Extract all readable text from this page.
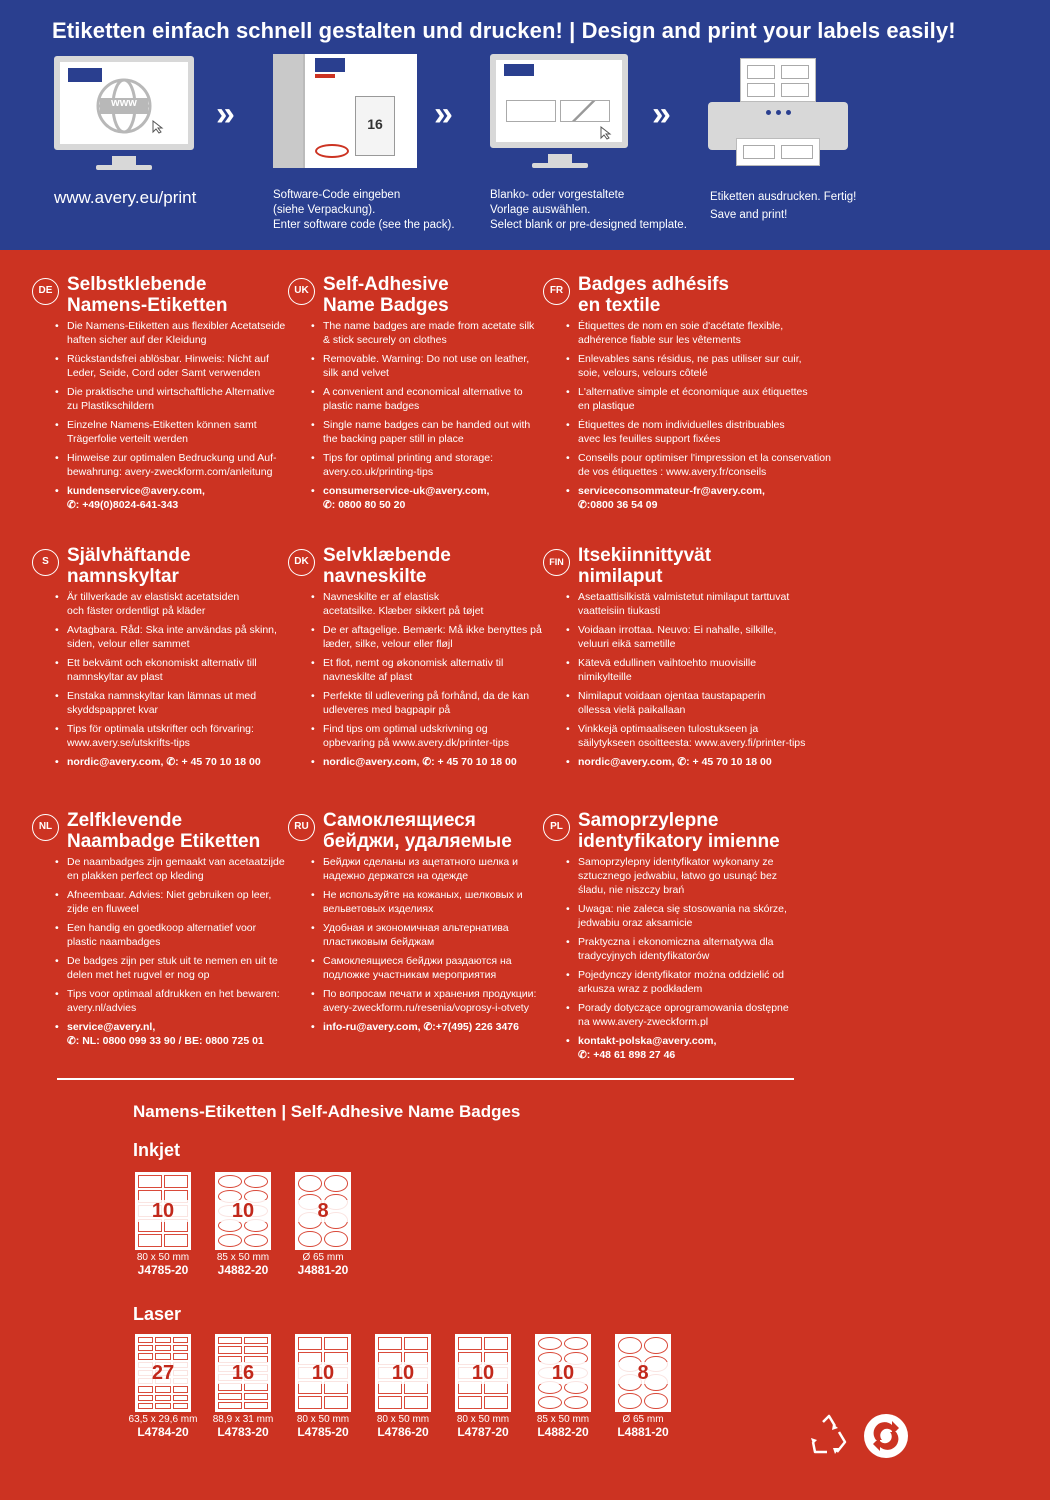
Etiketten einfach schnell gestalten und drucken! | Design and print your labels easily!
www
www.avery.eu/print
»	16
Software-Code eingeben
(siehe Verpackung).
Enter software code (see the pack).
»
Blanko- oder vorgestaltete
Vorlage auswählen.
Select blank or pre-designed template.
»
Etiketten ausdrucken. Fertig!
Save and print!
DE Selbstklebende
Namens-Etiketten
• Die Namens-Etiketten aus flexibler Acetatseide
haften sicher auf der Kleidung
• Rückstandsfrei ablösbar. Hinweis: Nicht auf
Leder, Seide, Cord oder Samt verwenden
• Die praktische und wirtschaftliche Alternative
zu Plastikschildern
• Einzelne Namens-Etiketten können samt
Trägerfolie verteilt werden
• Hinweise zur optimalen Bedruckung und Auf-
bewahrung: avery-zweckform.com/anleitung
• kundenservice@avery.com,
✆: +49(0)8024-641-343
UK Self-Adhesive
Name Badges
• The name badges are made from acetate silk
& stick securely on clothes
• Removable. Warning: Do not use on leather,
silk and velvet
• A convenient and economical alternative to
plastic name badges
• Single name badges can be handed out with
the backing paper still in place
• Tips for optimal printing and storage:
avery.co.uk/printing-tips
• consumerservice-uk@avery.com,
✆: 0800 80 50 20
FR Badges adhésifs
en textile
• Étiquettes de nom en soie d'acétate flexible,
adhérence fiable sur les vêtements
• Enlevables sans résidus, ne pas utiliser sur cuir,
soie, velours, velours côtelé
• L'alternative simple et économique aux étiquettes
en plastique
• Étiquettes de nom individuelles distribuables
avec les feuilles support fixées
• Conseils pour optimiser l'impression et la conservation
de vos étiquettes : www.avery.fr/conseils
• serviceconsommateur-fr@avery.com,
✆:0800 36 54 09
S Självhäftande
namnskyltar
• Är tillverkade av elastiskt acetatsiden
och fäster ordentligt på kläder
• Avtagbara. Råd: Ska inte användas på skinn,
siden, velour eller sammet
• Ett bekvämt och ekonomiskt alternativ till
namnskyltar av plast
• Enstaka namnskyltar kan lämnas ut med
skyddspappret kvar
• Tips för optimala utskrifter och förvaring:
www.avery.se/utskrifts-tips
• nordic@avery.com, ✆: + 45 70 10 18 00
DK Selvklæbende
navneskilte
• Navneskilte er af elastisk
acetatsilke. Klæber sikkert på tøjet
• De er aftagelige. Bemærk: Må ikke benyttes på
læder, silke, velour eller fløjl
• Et flot, nemt og økonomisk alternativ til
navneskilte af plast
• Perfekte til udlevering på forhånd, da de kan
udleveres med bagpapir på
• Find tips om optimal udskrivning og
opbevaring på www.avery.dk/printer-tips
• nordic@avery.com, ✆: + 45 70 10 18 00
FIN Itsekiinnittyvät
nimilaput
• Asetaattisilkistä valmistetut nimilaput tarttuvat
vaatteisiin tiukasti
• Voidaan irrottaa. Neuvo: Ei nahalle, silkille,
veluuri eikä sametille
• Kätevä edullinen vaihtoehto muovisille
nimikylteille
• Nimilaput voidaan ojentaa taustapaperin
ollessa vielä paikallaan
• Vinkkejä optimaaliseen tulostukseen ja
säilytykseen osoitteesta: www.avery.fi/printer-tips
• nordic@avery.com, ✆: + 45 70 10 18 00
NL Zelfklevende
Naambadge Etiketten
• De naambadges zijn gemaakt van acetaatzijde
en plakken perfect op kleding
• Afneembaar. Advies: Niet gebruiken op leer,
zijde en fluweel
• Een handig en goedkoop alternatief voor
plastic naambadges
• De badges zijn per stuk uit te nemen en uit te
delen met het rugvel er nog op
• Tips voor optimaal afdrukken en het bewaren:
avery.nl/advies
• service@avery.nl,
✆: NL: 0800 099 33 90 / BE: 0800 725 01
RU Самоклеящиеся
бейджи, удаляемые
• Бейджи сделаны из ацетатного шелка и
надежно держатся на одежде
• Не используйте на кожаных, шелковых и
вельветовых изделиях
• Удобная и экономичная альтернатива
пластиковым бейджам
• Самоклеящиеся бейджи раздаются на
подложке участникам мероприятия
• По вопросам печати и хранения продукции:
avery-zweckform.ru/resenia/voprosy-i-otvety
• info-ru@avery.com, ✆:+7(495) 226 3476
PL Samoprzylepne
identyfikatory imienne
• Samoprzylepny identyfikator wykonany ze
sztucznego jedwabiu, łatwo go usunąć bez
śladu, nie niszczy brań
• Uwaga: nie zaleca się stosowania na skórze,
jedwabiu oraz aksamicie
• Praktyczna i ekonomiczna alternatywa dla
tradycyjnych identyfikatorów
• Pojedynczy identyfikator można oddzielić od
arkusza wraz z podkładem
• Porady dotyczące oprogramowania dostępne
na www.avery-zweckform.pl
• kontakt-polska@avery.com,
✆: +48 61 898 27 46
Namens-Etiketten | Self-Adhesive Name Badges
Inkjet
10
80 x 50 mm
J4785-20
10
85 x 50 mm
J4882-20
8
Ø 65 mm
J4881-20
Laser
27
63,5 x 29,6 mm
L4784-20
16
88,9 x 31 mm
L4783-20
10
80 x 50 mm
L4785-20
10
80 x 50 mm
L4786-20
10
80 x 50 mm
L4787-20
10
85 x 50 mm
L4882-20
8
Ø 65 mm
L4881-20
